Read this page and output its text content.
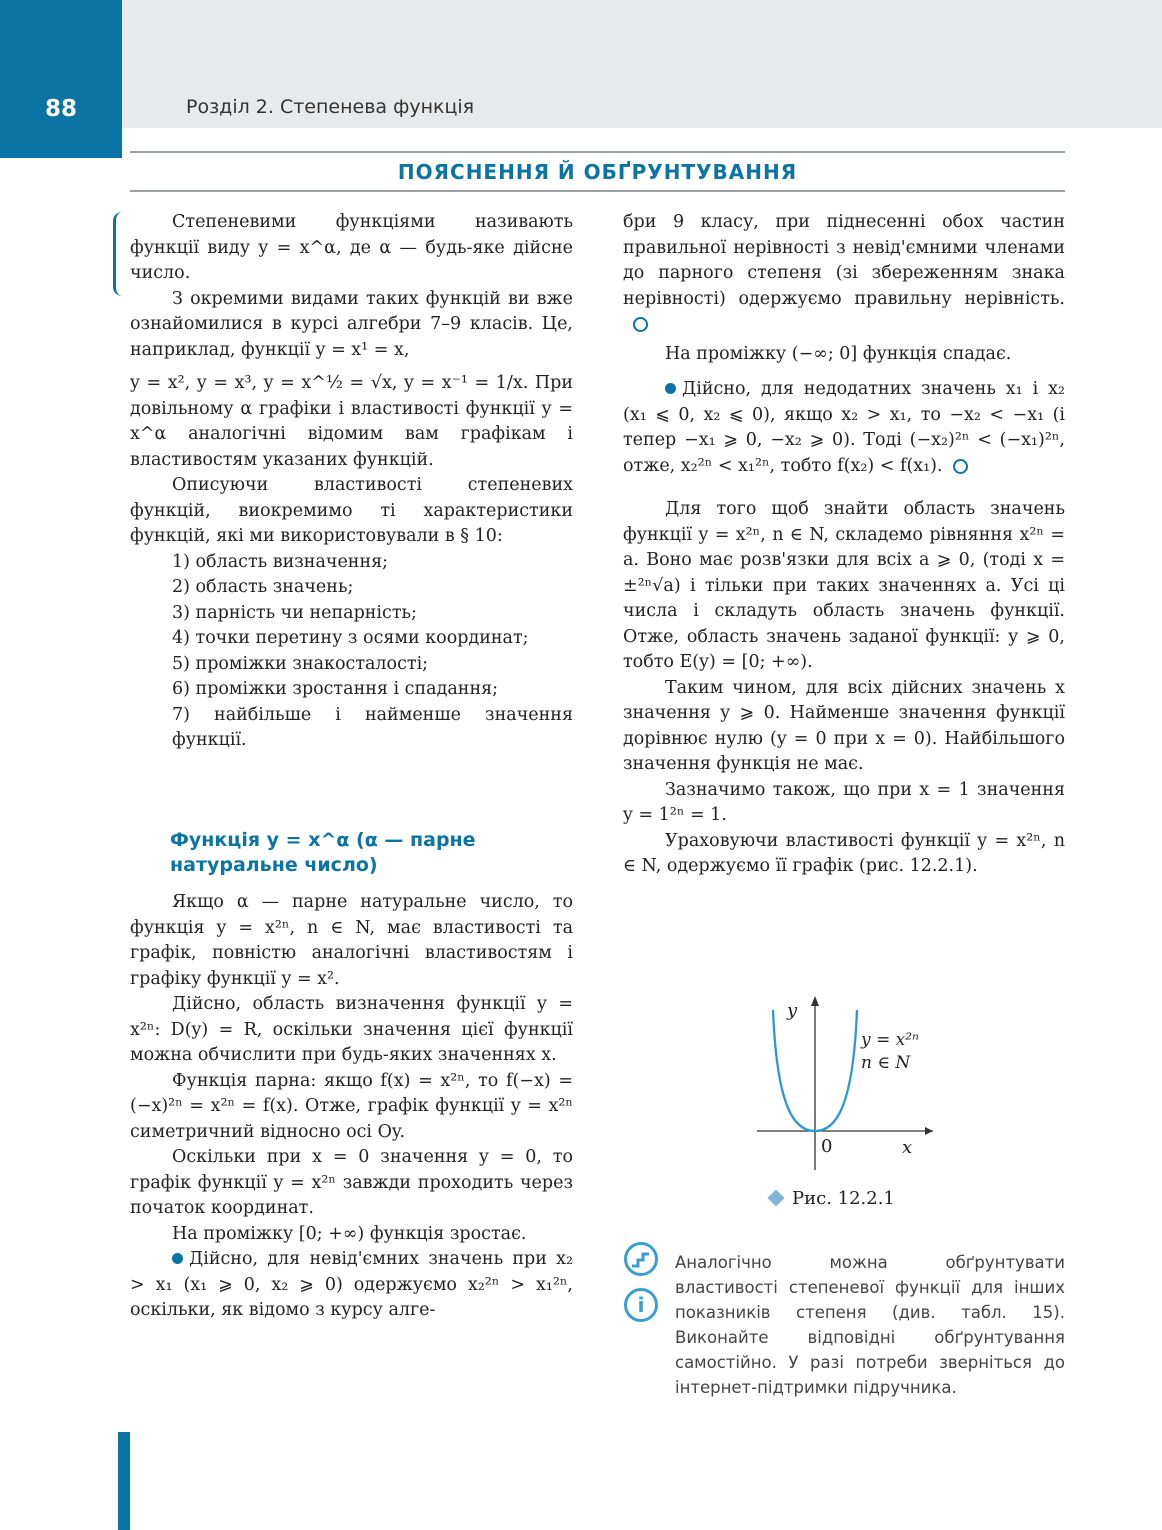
88	Розділ 2. Степенева функція
ПОЯСНЕННЯ Й ОБҐРУНТУВАННЯ

Степеневими функціями називають функції виду y = x^α, де α — будь-яке дійсне число.

З окремими видами таких функцій ви вже ознайомилися в курсі алгебри 7–9 класів. Це, наприклад, функції y = x¹ = x,

y = x², y = x³, y = x^½ = √x, y = x⁻¹ = 1/x. При довільному α графіки і властивості функції y = x^α аналогічні відомим вам графікам і властивостям указаних функцій.

Описуючи властивості степеневих функцій, виокремимо ті характеристики функцій, які ми використовували в § 10:

1) область визначення;

2) область значень;

3) парність чи непарність;

4) точки перетину з осями координат;

5) проміжки знакосталості;

6) проміжки зростання і спадання;

7) найбільше і найменше значення функції.

Функція y = x^α (α — парне натуральне число)

Якщо α — парне натуральне число, то функція y = x²ⁿ, n ∈ N, має властивості та графік, повністю аналогічні властивостям і графіку функції y = x².

Дійсно, область визначення функції y = x²ⁿ: D(y) = R, оскільки значення цієї функції можна обчислити при будь-яких значеннях x.

Функція парна: якщо f(x) = x²ⁿ, то f(−x) = (−x)²ⁿ = x²ⁿ = f(x). Отже, графік функції y = x²ⁿ симетричний відносно осі Oy.

Оскільки при x = 0 значення y = 0, то графік функції y = x²ⁿ завжди проходить через початок координат.

На проміжку [0; +∞) функція зростає.

Дійсно, для невід'ємних значень при x₂ > x₁ (x₁ ⩾ 0, x₂ ⩾ 0) одержуємо x₂²ⁿ > x₁²ⁿ, оскільки, як відомо з курсу алге-

бри 9 класу, при піднесенні обох частин правильної нерівності з невід'ємними членами до парного степеня (зі збереженням знака нерівності) одержуємо правильну нерівність.

На проміжку (−∞; 0] функція спадає.

Дійсно, для недодатних значень x₁ і x₂ (x₁ ⩽ 0, x₂ ⩽ 0), якщо x₂ > x₁, то −x₂ < −x₁ (і тепер −x₁ ⩾ 0, −x₂ ⩾ 0). Тоді (−x₂)²ⁿ < (−x₁)²ⁿ, отже, x₂²ⁿ < x₁²ⁿ, тобто f(x₂) < f(x₁).

Для того щоб знайти область значень функції y = x²ⁿ, n ∈ N, складемо рівняння x²ⁿ = a. Воно має розв'язки для всіх a ⩾ 0, (тоді x = ±²ⁿ√a) і тільки при таких значеннях a. Усі ці числа і складуть область значень функції. Отже, область значень заданої функції: y ⩾ 0, тобто E(y) = [0; +∞).

Таким чином, для всіх дійсних значень x значення y ⩾ 0. Найменше значення функції дорівнює нулю (y = 0 при x = 0). Найбільшого значення функція не має.

Зазначимо також, що при x = 1 значення y = 1²ⁿ = 1.

Ураховуючи властивості функції y = x²ⁿ, n ∈ N, одержуємо її графік (рис. 12.2.1).

y
x
0
y = x²ⁿ
n ∈ N
Рис. 12.2.1
i
Аналогічно можна обґрунтувати властивості степеневої функції для інших показників степеня (див. табл. 15). Виконайте відповідні обґрунтування самостійно. У разі потреби зверніться до інтернет-підтримки підручника.
